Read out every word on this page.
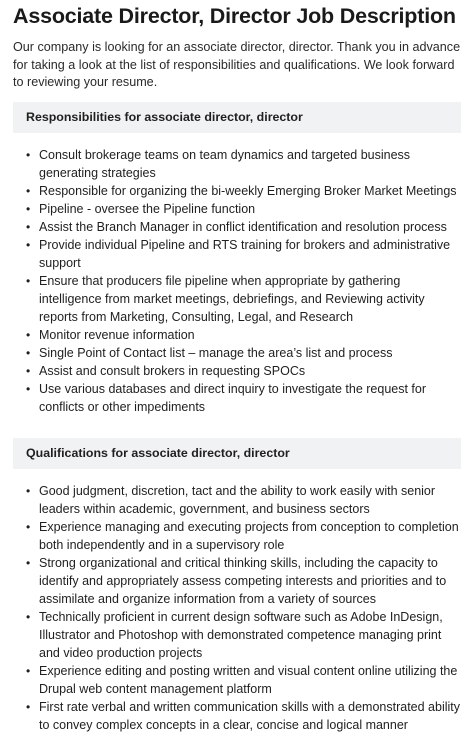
Associate Director, Director Job Description

Our company is looking for an associate director, director. Thank you in advance for taking a look at the list of responsibilities and qualifications. We look forward to reviewing your resume.

Responsibilities for associate director, director
• Consult brokerage teams on team dynamics and targeted business generating strategies
• Responsible for organizing the bi-weekly Emerging Broker Market Meetings
• Pipeline - oversee the Pipeline function
• Assist the Branch Manager in conflict identification and resolution process
• Provide individual Pipeline and RTS training for brokers and administrative support
• Ensure that producers file pipeline when appropriate by gathering intelligence from market meetings, debriefings, and Reviewing activity reports from Marketing, Consulting, Legal, and Research
• Monitor revenue information
• Single Point of Contact list – manage the area’s list and process
• Assist and consult brokers in requesting SPOCs
• Use various databases and direct inquiry to investigate the request for conflicts or other impediments
Qualifications for associate director, director
• Good judgment, discretion, tact and the ability to work easily with senior leaders within academic, government, and business sectors
• Experience managing and executing projects from conception to completion both independently and in a supervisory role
• Strong organizational and critical thinking skills, including the capacity to identify and appropriately assess competing interests and priorities and to assimilate and organize information from a variety of sources
• Technically proficient in current design software such as Adobe InDesign, Illustrator and Photoshop with demonstrated competence managing print and video production projects
• Experience editing and posting written and visual content online utilizing the Drupal web content management platform
• First rate verbal and written communication skills with a demonstrated ability to convey complex concepts in a clear, concise and logical manner
